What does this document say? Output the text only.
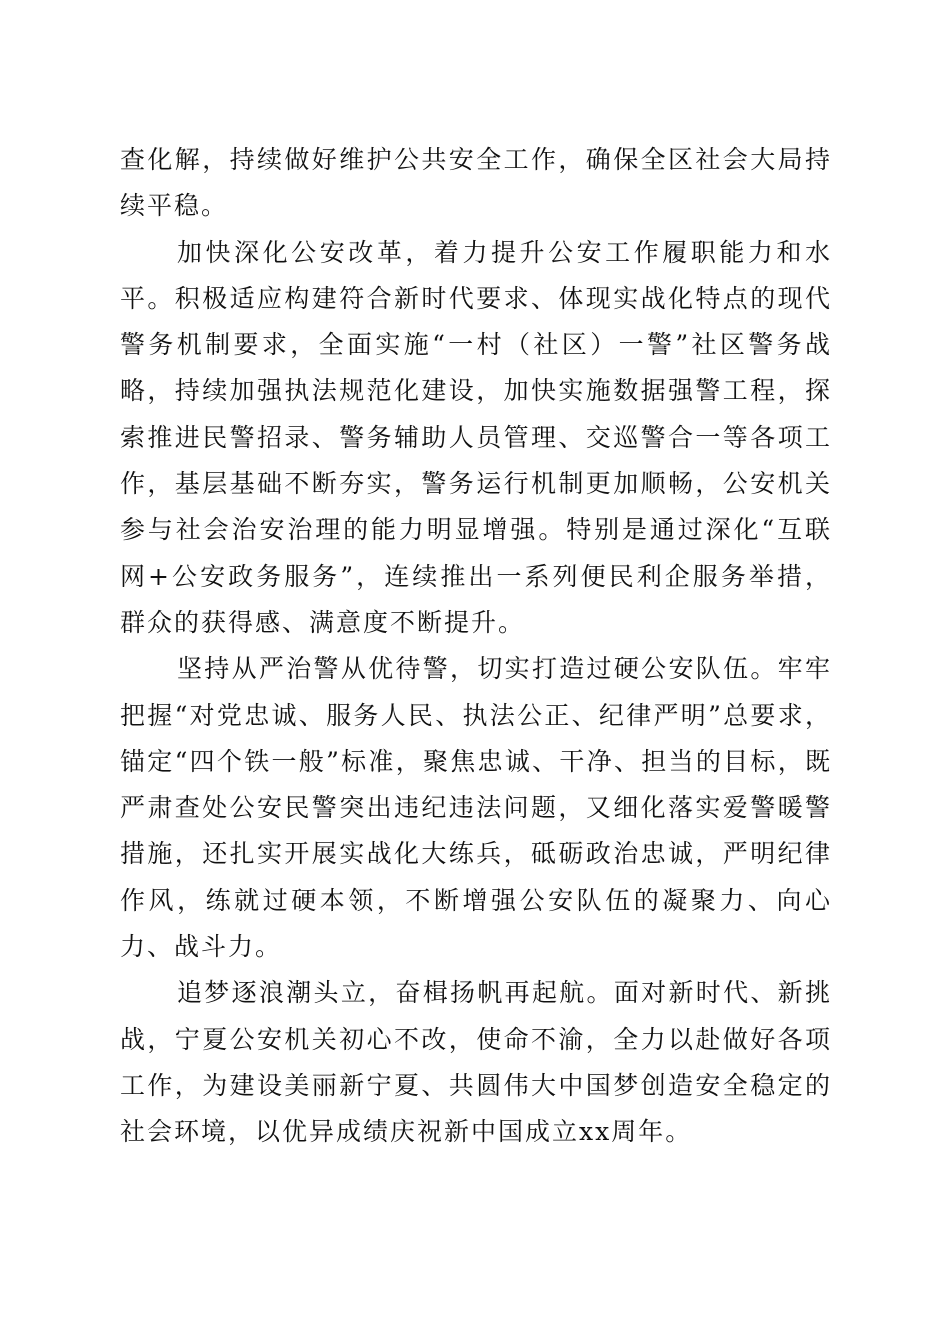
查化解，持续做好维护公共安全工作，确保全区社会大局持续平稳。

加快深化公安改革，着力提升公安工作履职能力和水平。积极适应构建符合新时代要求、体现实战化特点的现代警务机制要求，全面实施“一村（社区）一警”社区警务战略，持续加强执法规范化建设，加快实施数据强警工程，探索推进民警招录、警务辅助人员管理、交巡警合一等各项工作，基层基础不断夯实，警务运行机制更加顺畅，公安机关参与社会治安治理的能力明显增强。特别是通过深化“互联网+公安政务服务”，连续推出一系列便民利企服务举措，群众的获得感、满意度不断提升。

坚持从严治警从优待警，切实打造过硬公安队伍。牢牢把握“对党忠诚、服务人民、执法公正、纪律严明”总要求，锚定“四个铁一般”标准，聚焦忠诚、干净、担当的目标，既严肃查处公安民警突出违纪违法问题，又细化落实爱警暖警措施，还扎实开展实战化大练兵，砥砺政治忠诚，严明纪律作风，练就过硬本领，不断增强公安队伍的凝聚力、向心力、战斗力。

追梦逐浪潮头立，奋楫扬帆再起航。面对新时代、新挑战，宁夏公安机关初心不改，使命不渝，全力以赴做好各项工作，为建设美丽新宁夏、共圆伟大中国梦创造安全稳定的社会环境，以优异成绩庆祝新中国成立xx周年。
